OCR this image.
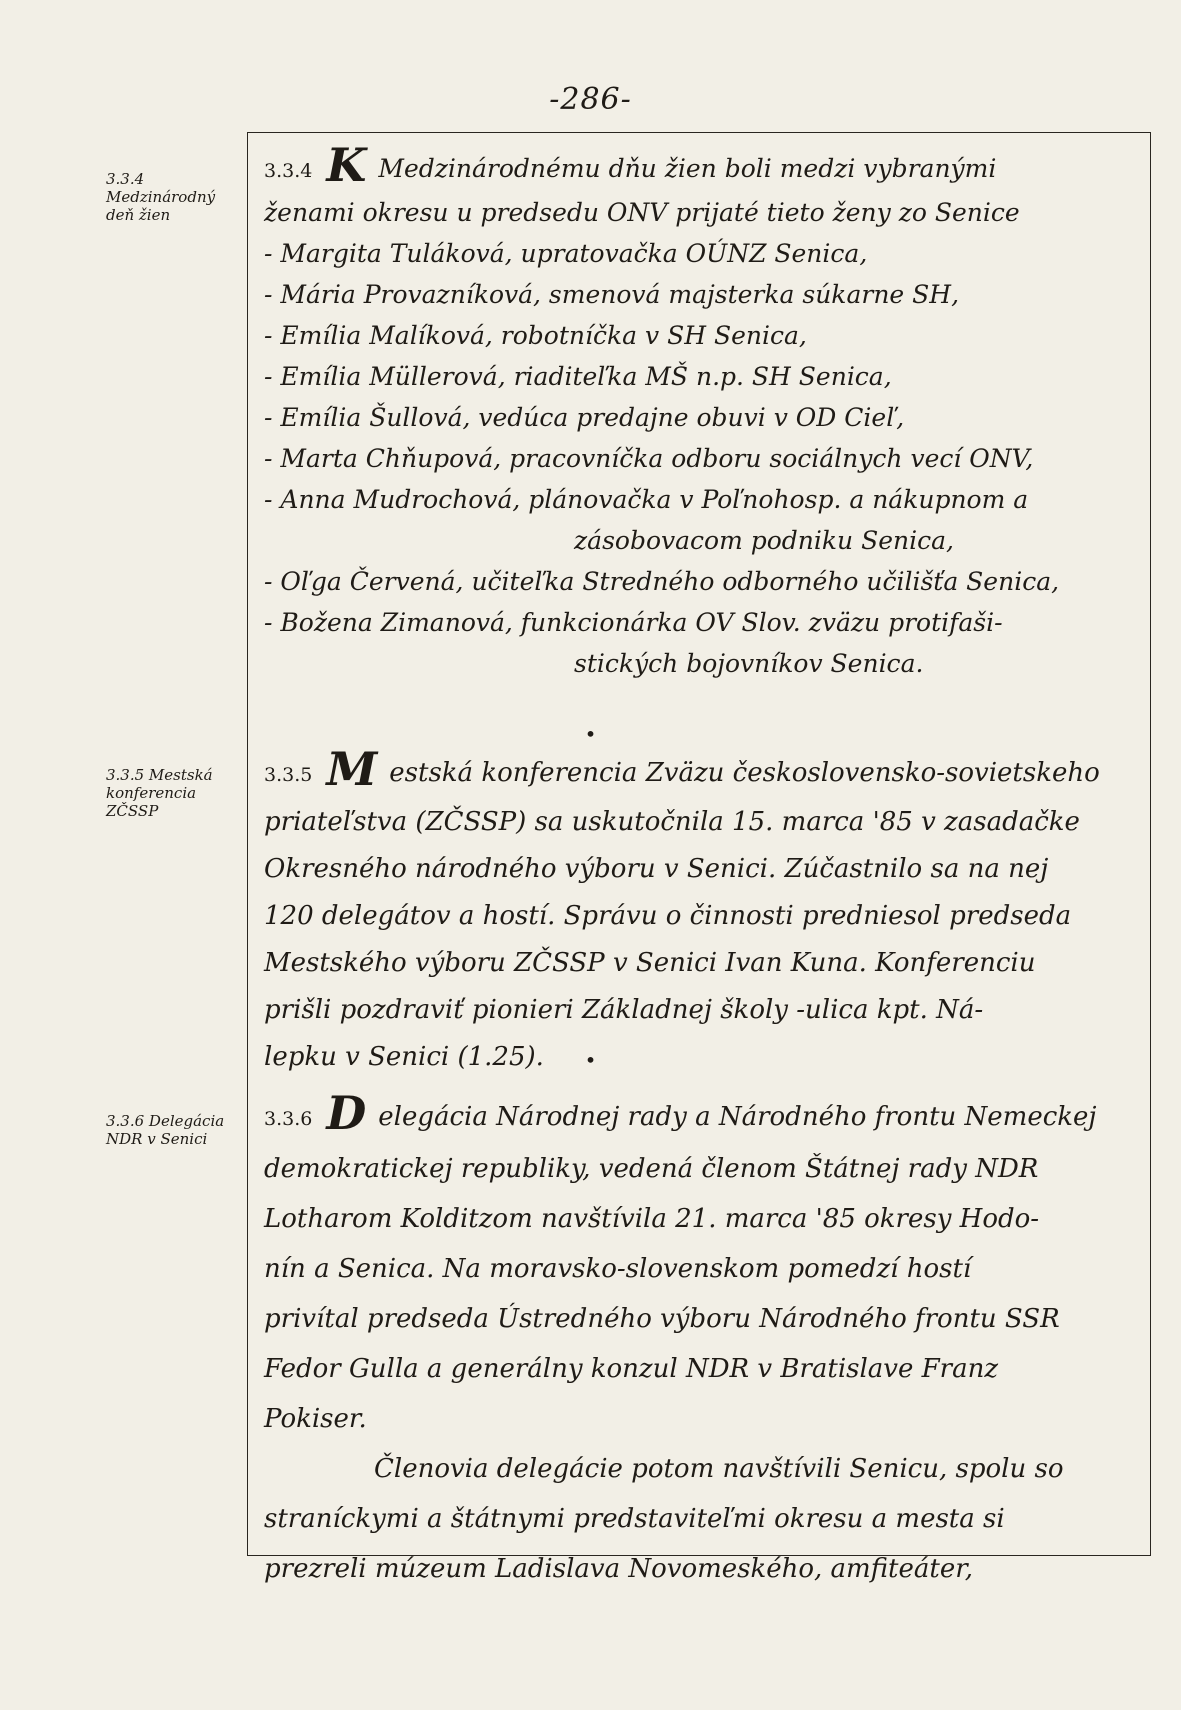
-286-
3.3.4
Medzinárodný
deň žien
3.3.5 Mestská
konferencia
ZČSSP
3.3.6 Delegácia
NDR v Senici
3.3.4 K Medzinárodnému dňu žien boli medzi vybranými
ženami okresu u predsedu ONV prijaté tieto ženy zo Senice
- Margita Tuláková, upratovačka OÚNZ Senica,
- Mária Provazníková, smenová majsterka súkarne SH,
- Emília Malíková, robotníčka v SH Senica,
- Emília Müllerová, riaditeľka MŠ n.p. SH Senica,
- Emília Šullová, vedúca predajne obuvi v OD Cieľ,
- Marta Chňupová, pracovníčka odboru sociálnych vecí ONV,
- Anna Mudrochová, plánovačka v Poľnohosp. a nákupnom a
zásobovacom podniku Senica,
- Oľga Červená, učiteľka Stredného odborného učilišťa Senica,
- Božena Zimanová, funkcionárka OV Slov. zväzu protifaši-
stických bojovníkov Senica.
•
3.3.5 M estská konferencia Zväzu československo-sovietskeho
priateľstva (ZČSSP) sa uskutočnila 15. marca '85 v zasadačke
Okresného národného výboru v Senici. Zúčastnilo sa na nej
120 delegátov a hostí. Správu o činnosti predniesol predseda
Mestského výboru ZČSSP v Senici Ivan Kuna. Konferenciu
prišli pozdraviť pionieri Základnej školy -ulica kpt. Ná-
lepku v Senici (1.25).	•
3.3.6 D elegácia Národnej rady a Národného frontu Nemeckej
demokratickej republiky, vedená členom Štátnej rady NDR
Lotharom Kolditzom navštívila 21. marca '85 okresy Hodo-
nín a Senica. Na moravsko-slovenskom pomedzí hostí
privítal predseda Ústredného výboru Národného frontu SSR
Fedor Gulla a generálny konzul NDR v Bratislave Franz
Pokiser.
Členovia delegácie potom navštívili Senicu, spolu so
straníckymi a štátnymi predstaviteľmi okresu a mesta si
prezreli múzeum Ladislava Novomeského, amfiteáter,
